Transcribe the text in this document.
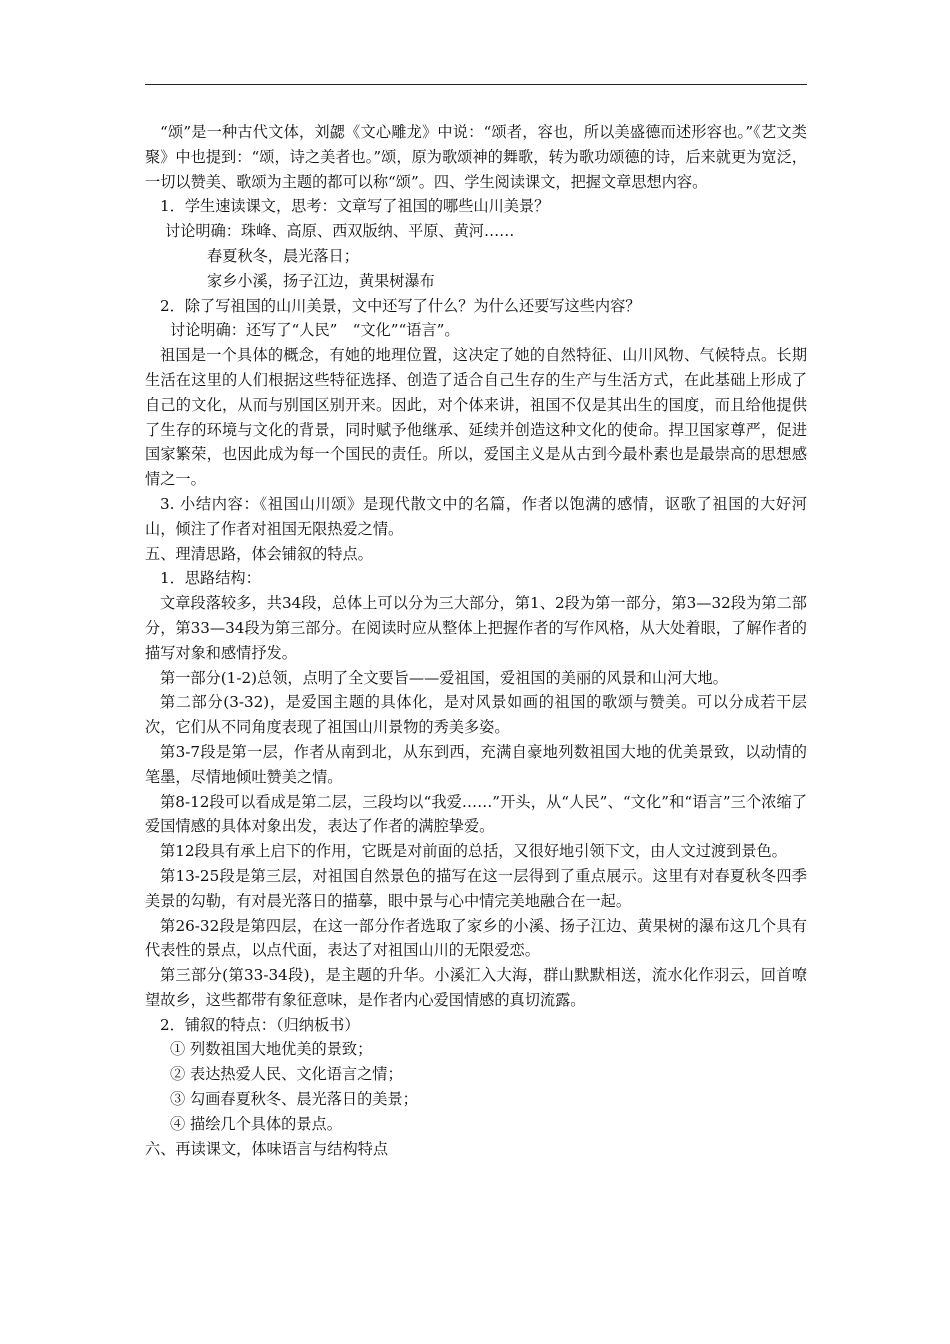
“颂”是一种古代文体，刘勰《文心雕龙》中说：“颂者，容也，所以美盛德而述形容也。”《艺文类聚》中也提到：“颂，诗之美者也。”颂，原为歌颂神的舞歌，转为歌功颂德的诗，后来就更为宽泛，一切以赞美、歌颂为主题的都可以称“颂”。四、学生阅读课文，把握文章思想内容。

1．学生速读课文，思考：文章写了祖国的哪些山川美景？

讨论明确：珠峰、高原、西双版纳、平原、黄河……

春夏秋冬，晨光落日；

家乡小溪，扬子江边，黄果树瀑布

2．除了写祖国的山川美景，文中还写了什么？为什么还要写这些内容？

讨论明确：还写了“人民”　“文化”“语言”。

祖国是一个具体的概念，有她的地理位置，这决定了她的自然特征、山川风物、气候特点。长期生活在这里的人们根据这些特征选择、创造了适合自己生存的生产与生活方式，在此基础上形成了自己的文化，从而与别国区别开来。因此，对个体来讲，祖国不仅是其出生的国度，而且给他提供了生存的环境与文化的背景，同时赋予他继承、延续并创造这种文化的使命。捍卫国家尊严，促进国家繁荣，也因此成为每一个国民的责任。所以，爱国主义是从古到今最朴素也是最崇高的思想感情之一。

3. 小结内容：《祖国山川颂》是现代散文中的名篇，作者以饱满的感情，讴歌了祖国的大好河山，倾注了作者对祖国无限热爱之情。

五、理清思路，体会铺叙的特点。

1．思路结构：

文章段落较多，共34段，总体上可以分为三大部分，第1、2段为第一部分，第3—32段为第二部分，第33—34段为第三部分。在阅读时应从整体上把握作者的写作风格，从大处着眼，了解作者的描写对象和感情抒发。

第一部分(1-2)总领，点明了全文要旨——爱祖国，爱祖国的美丽的风景和山河大地。

第二部分(3-32)，是爱国主题的具体化，是对风景如画的祖国的歌颂与赞美。可以分成若干层次，它们从不同角度表现了祖国山川景物的秀美多姿。

第3-7段是第一层，作者从南到北，从东到西，充满自豪地列数祖国大地的优美景致，以动情的笔墨，尽情地倾吐赞美之情。

第8-12段可以看成是第二层，三段均以“我爱……”开头，从“人民”、“文化”和“语言”三个浓缩了爱国情感的具体对象出发，表达了作者的满腔挚爱。

第12段具有承上启下的作用，它既是对前面的总括，又很好地引领下文，由人文过渡到景色。

第13-25段是第三层，对祖国自然景色的描写在这一层得到了重点展示。这里有对春夏秋冬四季美景的勾勒，有对晨光落日的描摹，眼中景与心中情完美地融合在一起。

第26-32段是第四层，在这一部分作者选取了家乡的小溪、扬子江边、黄果树的瀑布这几个具有代表性的景点，以点代面，表达了对祖国山川的无限爱恋。

第三部分(第33-34段)，是主题的升华。小溪汇入大海，群山默默相送，流水化作羽云，回首嘹望故乡，这些都带有象征意味，是作者内心爱国情感的真切流露。

2．铺叙的特点：（归纳板书）

① 列数祖国大地优美的景致；

② 表达热爱人民、文化语言之情；

③ 勾画春夏秋冬、晨光落日的美景；

④ 描绘几个具体的景点。

六、再读课文，体味语言与结构特点
